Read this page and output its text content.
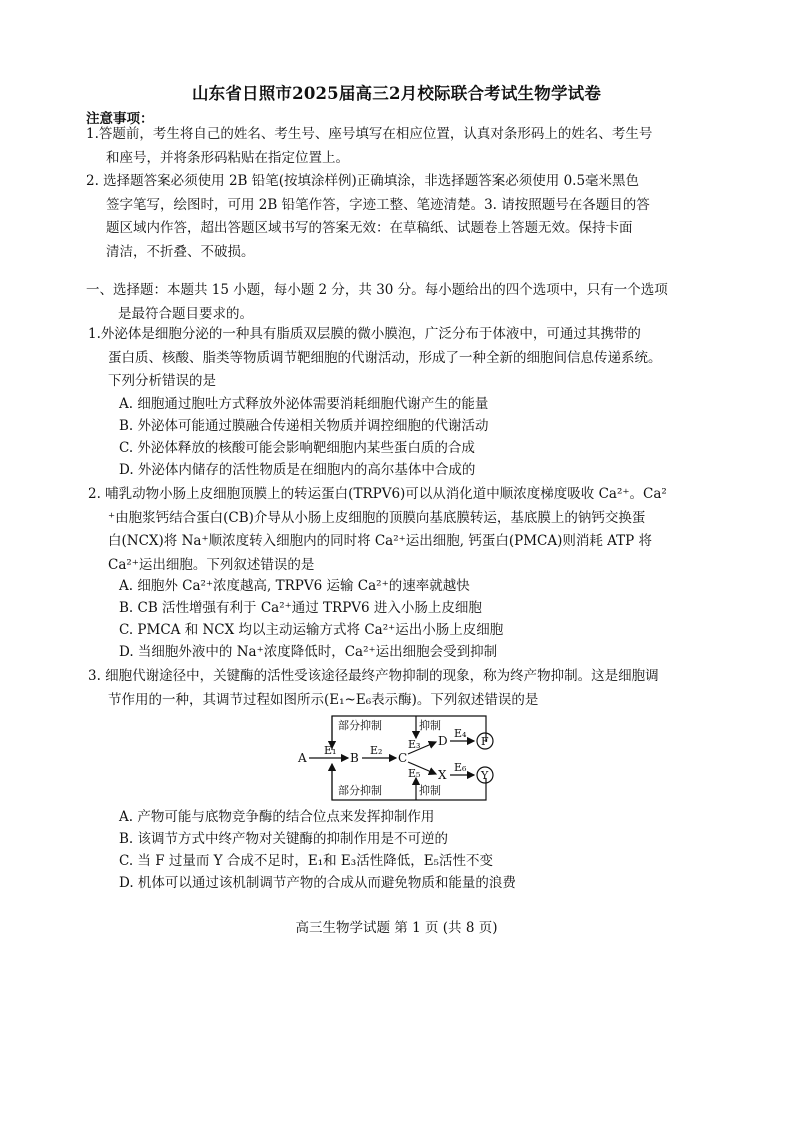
山东省日照市2025届高三2月校际联合考试生物学试卷
注意事项：
1.答题前，考生将自己的姓名、考生号、座号填写在相应位置，认真对条形码上的姓名、考生号
和座号，并将条形码粘贴在指定位置上。
2. 选择题答案必须使用 2B 铅笔(按填涂样例)正确填涂，非选择题答案必须使用 0.5毫米黑色
签字笔写，绘图时，可用 2B 铅笔作答，字迹工整、笔迹清楚。3. 请按照题号在各题目的答
题区域内作答，超出答题区域书写的答案无效：在草稿纸、试题卷上答题无效。保持卡面
清洁，不折叠、不破损。
一、选择题：本题共 15 小题，每小题 2 分，共 30 分。每小题给出的四个选项中，只有一个选项
是最符合题目要求的。
1.外泌体是细胞分泌的一种具有脂质双层膜的微小膜泡，广泛分布于体液中，可通过其携带的
蛋白质、核酸、脂类等物质调节靶细胞的代谢活动，形成了一种全新的细胞间信息传递系统。
下列分析错误的是
A. 细胞通过胞吐方式释放外泌体需要消耗细胞代谢产生的能量
B. 外泌体可能通过膜融合传递相关物质并调控细胞的代谢活动
C. 外泌体释放的核酸可能会影响靶细胞内某些蛋白质的合成
D. 外泌体内储存的活性物质是在细胞内的高尔基体中合成的
2. 哺乳动物小肠上皮细胞顶膜上的转运蛋白(TRPV6)可以从消化道中顺浓度梯度吸收 Ca²⁺。Ca²
⁺由胞浆钙结合蛋白(CB)介导从小肠上皮细胞的顶膜向基底膜转运，基底膜上的钠钙交换蛋
白(NCX)将 Na⁺顺浓度转入细胞内的同时将 Ca²⁺运出细胞, 钙蛋白(PMCA)则消耗 ATP 将
Ca²⁺运出细胞。下列叙述错误的是
A. 细胞外 Ca²⁺浓度越高, TRPV6 运输 Ca²⁺的速率就越快
B. CB 活性增强有利于 Ca²⁺通过 TRPV6 进入小肠上皮细胞
C. PMCA 和 NCX 均以主动运输方式将 Ca²⁺运出小肠上皮细胞
D. 当细胞外液中的 Na⁺浓度降低时，Ca²⁺运出细胞会受到抑制
3. 细胞代谢途径中，关键酶的活性受该途径最终产物抑制的现象，称为终产物抑制。这是细胞调
节作用的一种，其调节过程如图所示(E₁~E₆表示酶)。下列叙述错误的是
部分抑制	抑制
部分抑制	抑制
A
E₁
B
E₂
C
E₃ D
E₄
F
E₅ X
E₆
Y
A. 产物可能与底物竞争酶的结合位点来发挥抑制作用
B. 该调节方式中终产物对关键酶的抑制作用是不可逆的
C. 当 F 过量而 Y 合成不足时，E₁和 E₃活性降低，E₅活性不变
D. 机体可以通过该机制调节产物的合成从而避免物质和能量的浪费
高三生物学试题 第 1 页 (共 8 页)
